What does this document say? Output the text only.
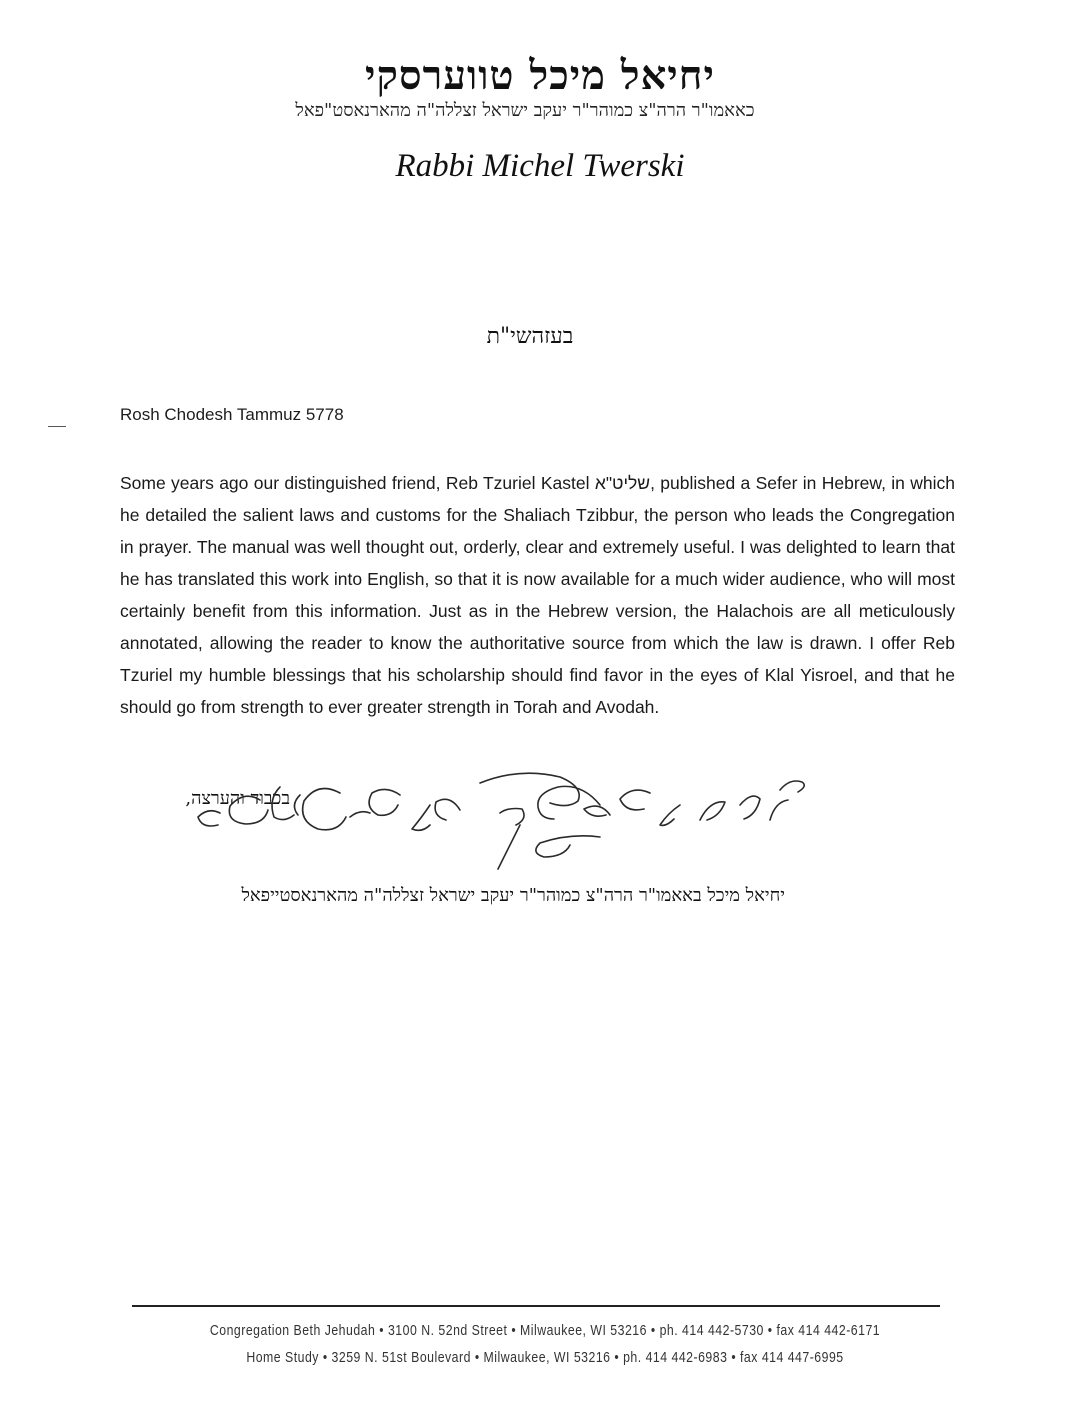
יחיאל מיכל טווערסקי
כאאמו"ר הרה"צ כמוהר"ר יעקב ישראל זצללה"ה מהארנאסט"פאל
Rabbi Michel Twerski
בעזהשי"ת
Rosh Chodesh Tammuz 5778
Some years ago our distinguished friend, Reb Tzuriel Kastel שליט"א, published a Sefer in Hebrew, in which he detailed the salient laws and customs for the Shaliach Tzibbur, the person who leads the Congregation in prayer. The manual was well thought out, orderly, clear and extremely useful. I was delighted to learn that he has translated this work into English, so that it is now available for a much wider audience, who will most certainly benefit from this information. Just as in the Hebrew version, the Halachois are all meticulously annotated, allowing the reader to know the authoritative source from which the law is drawn. I offer Reb Tzuriel my humble blessings that his scholarship should find favor in the eyes of Klal Yisroel, and that he should go from strength to ever greater strength in Torah and Avodah.
בכבוד והערצה,
יחיאל מיכל באאמו"ר הרה"צ כמוהר"ר יעקב ישראל זצללה"ה מהארנאסטייפאל
Congregation Beth Jehudah • 3100 N. 52nd Street • Milwaukee, WI 53216 • ph. 414 442-5730 • fax 414 442-6171
Home Study • 3259 N. 51st Boulevard • Milwaukee, WI 53216 • ph. 414 442-6983 • fax 414 447-6995
